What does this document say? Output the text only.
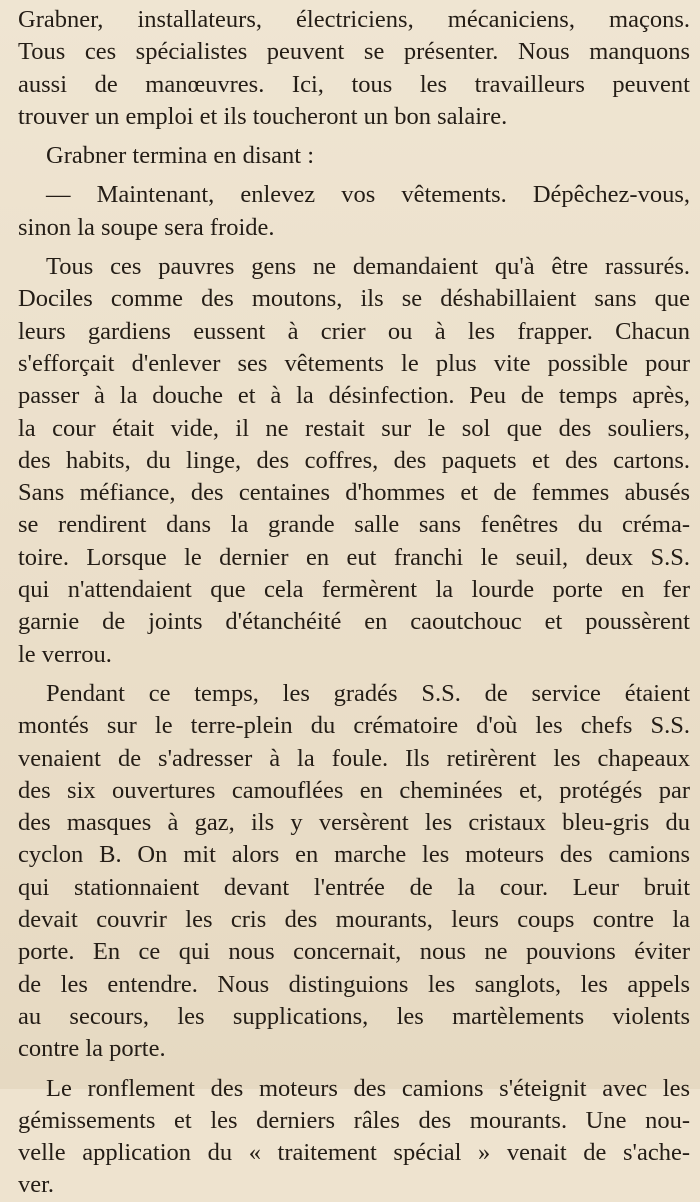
Grabner, installateurs, électriciens, mécaniciens, maçons.
Tous ces spécialistes peuvent se présenter. Nous manquons
aussi de manœuvres. Ici, tous les travailleurs peuvent
trouver un emploi et ils toucheront un bon salaire.
Grabner termina en disant :
— Maintenant, enlevez vos vêtements. Dépêchez-vous,
sinon la soupe sera froide.
Tous ces pauvres gens ne demandaient qu'à être rassurés.
Dociles comme des moutons, ils se déshabillaient sans que
leurs gardiens eussent à crier ou à les frapper. Chacun
s'efforçait d'enlever ses vêtements le plus vite possible pour
passer à la douche et à la désinfection. Peu de temps après,
la cour était vide, il ne restait sur le sol que des souliers,
des habits, du linge, des coffres, des paquets et des cartons.
Sans méfiance, des centaines d'hommes et de femmes abusés
se rendirent dans la grande salle sans fenêtres du créma-
toire. Lorsque le dernier en eut franchi le seuil, deux S.S.
qui n'attendaient que cela fermèrent la lourde porte en fer
garnie de joints d'étanchéité en caoutchouc et poussèrent
le verrou.
Pendant ce temps, les gradés S.S. de service étaient
montés sur le terre-plein du crématoire d'où les chefs S.S.
venaient de s'adresser à la foule. Ils retirèrent les chapeaux
des six ouvertures camouflées en cheminées et, protégés par
des masques à gaz, ils y versèrent les cristaux bleu-gris du
cyclon B. On mit alors en marche les moteurs des camions
qui stationnaient devant l'entrée de la cour. Leur bruit
devait couvrir les cris des mourants, leurs coups contre la
porte. En ce qui nous concernait, nous ne pouvions éviter
de les entendre. Nous distinguions les sanglots, les appels
au secours, les supplications, les martèlements violents
contre la porte.
Le ronflement des moteurs des camions s'éteignit avec les
gémissements et les derniers râles des mourants. Une nou-
velle application du « traitement spécial » venait de s'ache-
ver.
